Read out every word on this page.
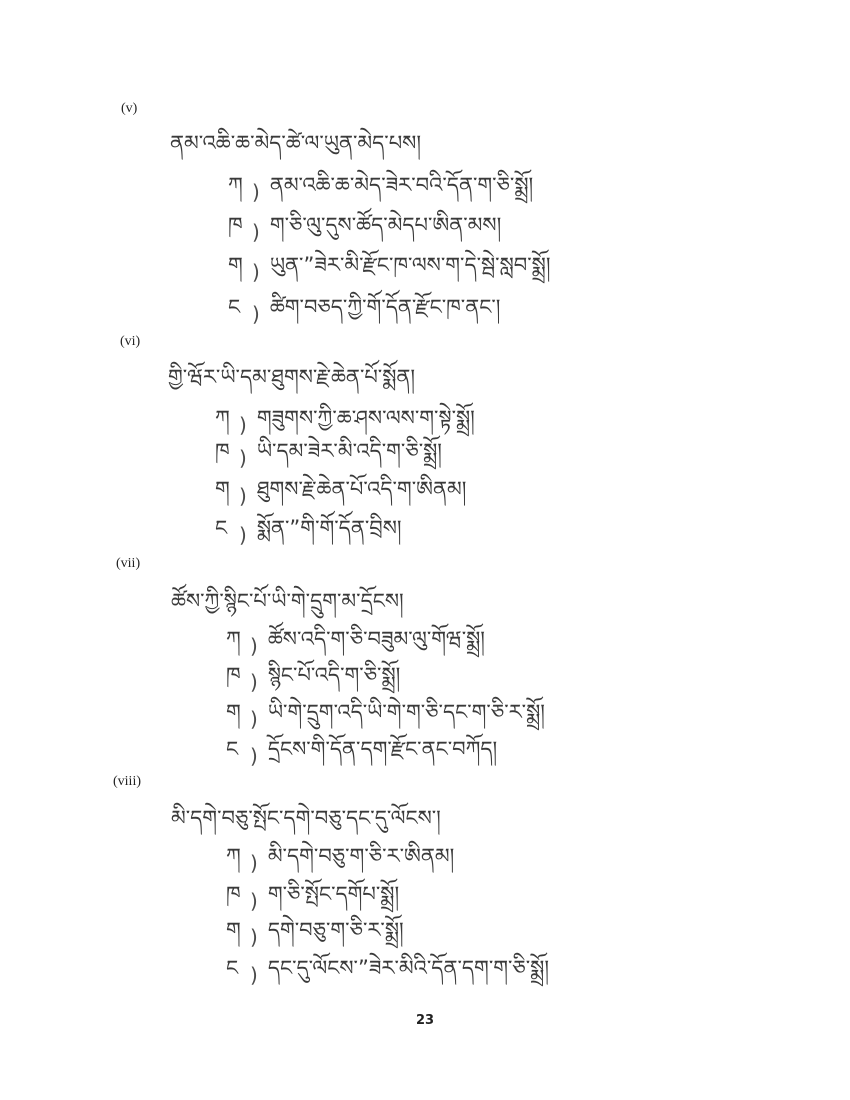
(v)
ནམ་འཆི་ཆ་མེད་ཚེ་ལ་ཡུན་མེད་པས།
ཀ ) ནམ་འཆི་ཆ་མེད་ཟེར་བའི་དོན་ག་ཅི་སྨྲོ།
ཁ ) ག་ཅི་ལུ་དུས་ཚོད་མེདཔ་ཨིན་མས།
ག ) ཡུན་”ཟེར་མི་རྫོང་ཁ་ལས་ག་དེ་སྦེ་སླབ་སྨྲོ།
ང ) ཚིག་བཅད་ཀྱི་གོ་དོན་རྫོང་ཁ་ནང་།
(vi)
གྱི་ཝོར་ཡི་དམ་ཐུགས་རྗེ་ཆེན་པོ་སྨོན།
ཀ ) གཟུགས་ཀྱི་ཆ་ཤས་ལས་ག་སྟེ་སྨྲོ།
ཁ ) ཡི་དམ་ཟེར་མི་འདི་ག་ཅི་སྨྲོ།
ག ) ཐུགས་རྗེ་ཆེན་པོ་འདི་ག་ཨིནམ།
ང ) སྨོན་”གི་གོ་དོན་བྲིས།
(vii)
ཚོས་ཀྱི་སྙིང་པོ་ཡི་གེ་དྲུག་མ་དྲོངས།
ཀ ) ཚོས་འདི་ག་ཅི་བཟུམ་ལུ་གོཝ་སྨྲོ།
ཁ ) སྙིང་པོ་འདི་ག་ཅི་སྨྲོ།
ག ) ཡི་གེ་དྲུག་འདི་ཡི་གེ་ག་ཅི་དང་ག་ཅི་ར་སྨྲོ།
ང ) དྲོངས་གི་དོན་དག་རྫོང་ནང་བཀོད།
(viii)
མི་དགེ་བཅུ་སྤོང་དགེ་བཅུ་དང་དུ་ལོངས་།
ཀ ) མི་དགེ་བཅུ་ག་ཅི་ར་ཨིནམ།
ཁ ) ག་ཅི་སྤོང་དགོཔ་སྨྲོ།
ག ) དགེ་བཅུ་ག་ཅི་ར་སྨྲོ།
ང ) དང་དུ་ལོངས་”ཟེར་མིའི་དོན་དག་ག་ཅི་སྨྲོ།
23
